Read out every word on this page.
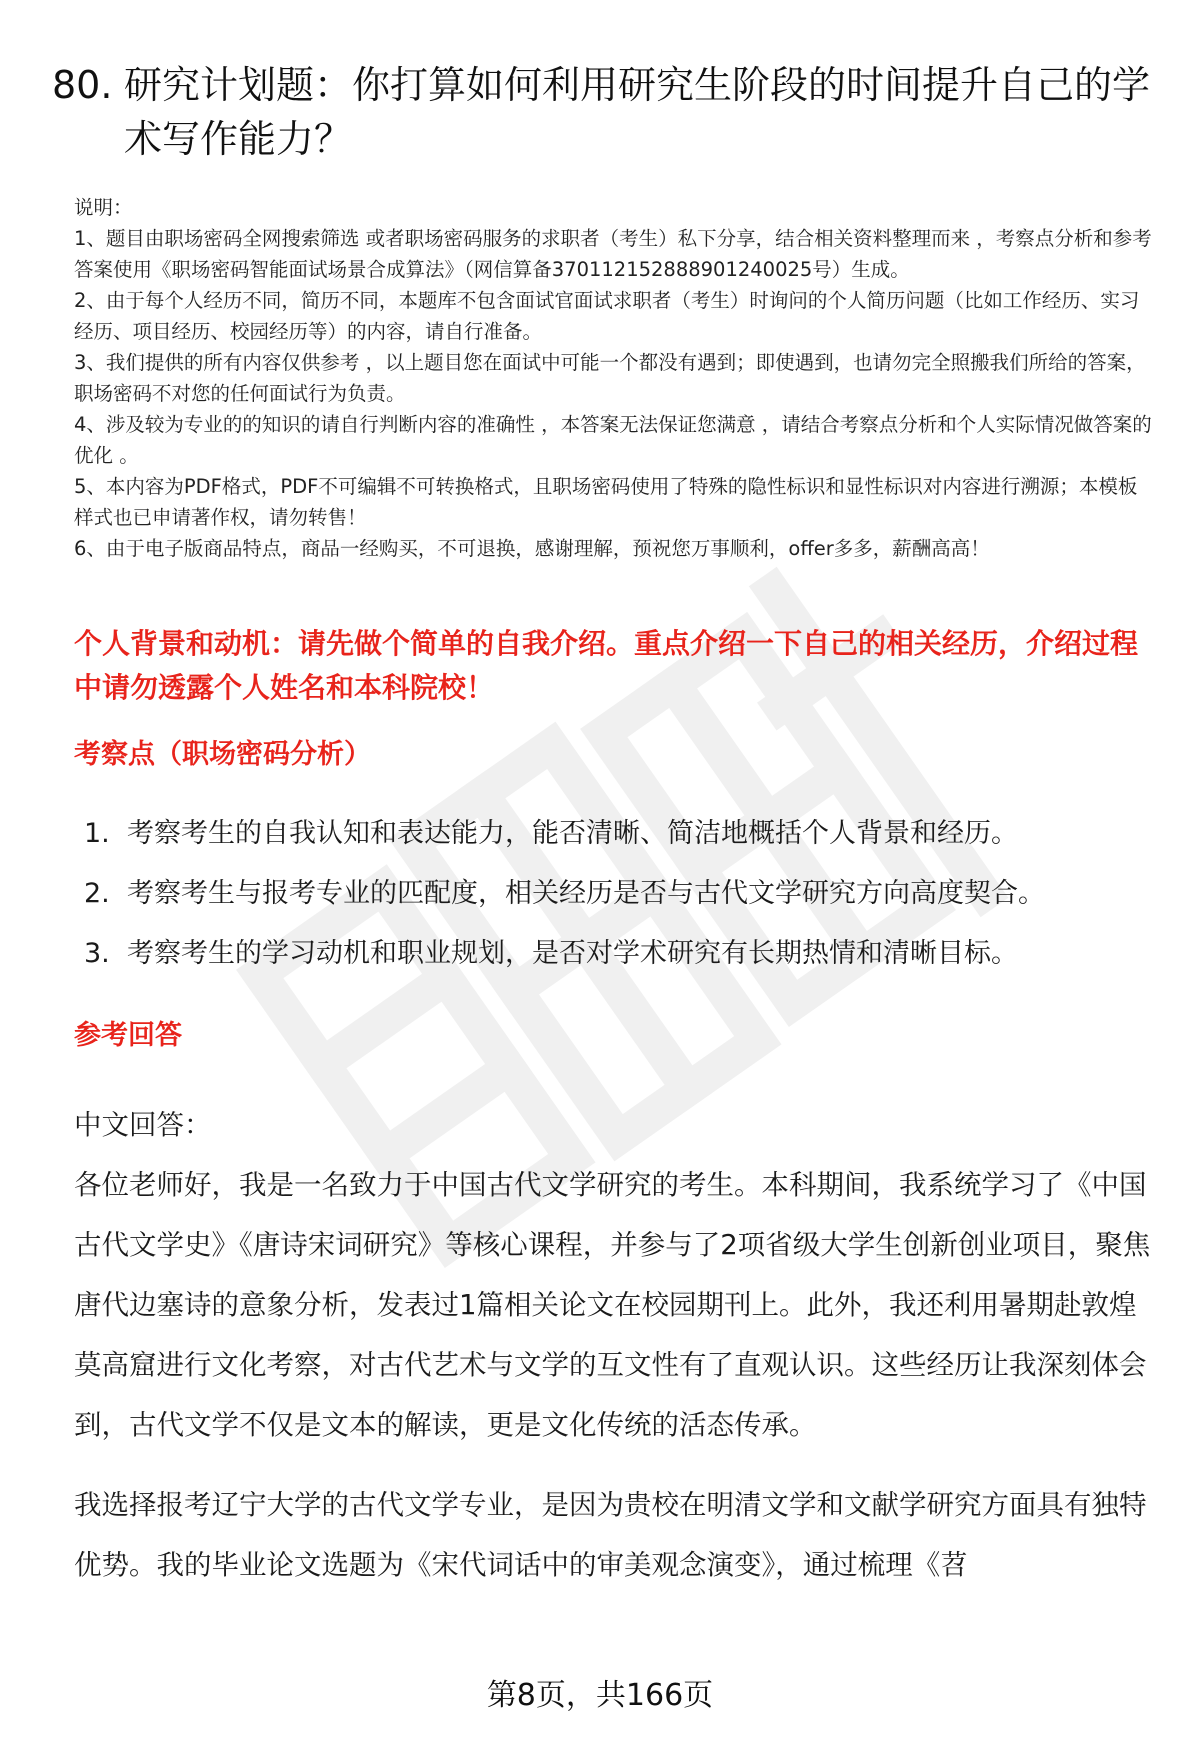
80. 研究计划题：你打算如何利用研究生阶段的时间提升自己的学术写作能力？

说明：

1、题目由职场密码全网搜索筛选 或者职场密码服务的求职者（考生）私下分享，结合相关资料整理而来 ，考察点分析和参考答案使用《职场密码智能面试场景合成算法》（网信算备370112152888901240025号）生成。

2、由于每个人经历不同，简历不同，本题库不包含面试官面试求职者（考生）时询问的个人简历问题（比如工作经历、实习经历、项目经历、校园经历等）的内容，请自行准备。

3、我们提供的所有内容仅供参考 ，以上题目您在面试中可能一个都没有遇到；即使遇到，也请勿完全照搬我们所给的答案，职场密码不对您的任何面试行为负责。

4、涉及较为专业的的知识的请自行判断内容的准确性 ，本答案无法保证您满意 ，请结合考察点分析和个人实际情况做答案的优化 。

5、本内容为PDF格式，PDF不可编辑不可转换格式，且职场密码使用了特殊的隐性标识和显性标识对内容进行溯源；本模板样式也已申请著作权，请勿转售！

6、由于电子版商品特点，商品一经购买，不可退换，感谢理解，预祝您万事顺利，offer多多，薪酬高高！

个人背景和动机：请先做个简单的自我介绍。重点介绍一下自己的相关经历，介绍过程中请勿透露个人姓名和本科院校！
考察点（职场密码分析）
1. 考察考生的自我认知和表达能力，能否清晰、简洁地概括个人背景和经历。
2. 考察考生与报考专业的匹配度，相关经历是否与古代文学研究方向高度契合。
3. 考察考生的学习动机和职业规划，是否对学术研究有长期热情和清晰目标。
参考回答

中文回答：

各位老师好，我是一名致力于中国古代文学研究的考生。本科期间，我系统学习了《中国古代文学史》《唐诗宋词研究》等核心课程，并参与了2项省级大学生创新创业项目，聚焦唐代边塞诗的意象分析，发表过1篇相关论文在校园期刊上。此外，我还利用暑期赴敦煌莫高窟进行文化考察，对古代艺术与文学的互文性有了直观认识。这些经历让我深刻体会到，古代文学不仅是文本的解读，更是文化传统的活态传承。

我选择报考辽宁大学的古代文学专业，是因为贵校在明清文学和文献学研究方面具有独特优势。我的毕业论文选题为《宋代词话中的审美观念演变》，通过梳理《苕

第8页，共166页
